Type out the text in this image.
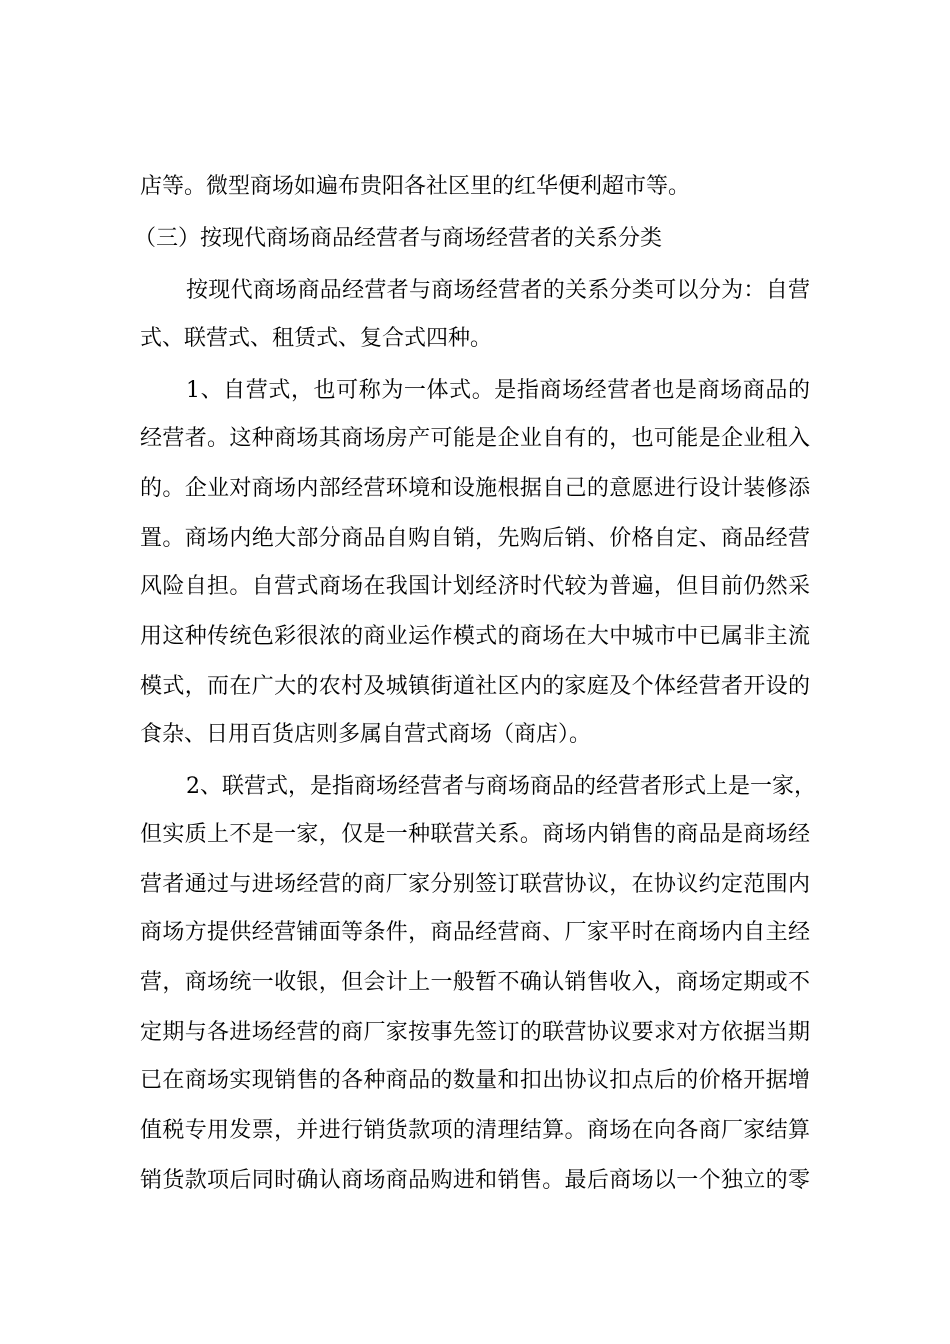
店等。微型商场如遍布贵阳各社区里的红华便利超市等。
（三）按现代商场商品经营者与商场经营者的关系分类
按现代商场商品经营者与商场经营者的关系分类可以分为：自营
式、联营式、租赁式、复合式四种。
1、自营式，也可称为一体式。是指商场经营者也是商场商品的
经营者。这种商场其商场房产可能是企业自有的，也可能是企业租入
的。企业对商场内部经营环境和设施根据自己的意愿进行设计装修添
置。商场内绝大部分商品自购自销，先购后销、价格自定、商品经营
风险自担。自营式商场在我国计划经济时代较为普遍，但目前仍然采
用这种传统色彩很浓的商业运作模式的商场在大中城市中已属非主流
模式，而在广大的农村及城镇街道社区内的家庭及个体经营者开设的
食杂、日用百货店则多属自营式商场（商店）。
2、联营式，是指商场经营者与商场商品的经营者形式上是一家，
但实质上不是一家，仅是一种联营关系。商场内销售的商品是商场经
营者通过与进场经营的商厂家分别签订联营协议，在协议约定范围内
商场方提供经营铺面等条件，商品经营商、厂家平时在商场内自主经
营，商场统一收银，但会计上一般暂不确认销售收入，商场定期或不
定期与各进场经营的商厂家按事先签订的联营协议要求对方依据当期
已在商场实现销售的各种商品的数量和扣出协议扣点后的价格开据增
值税专用发票，并进行销货款项的清理结算。商场在向各商厂家结算
销货款项后同时确认商场商品购进和销售。最后商场以一个独立的零
